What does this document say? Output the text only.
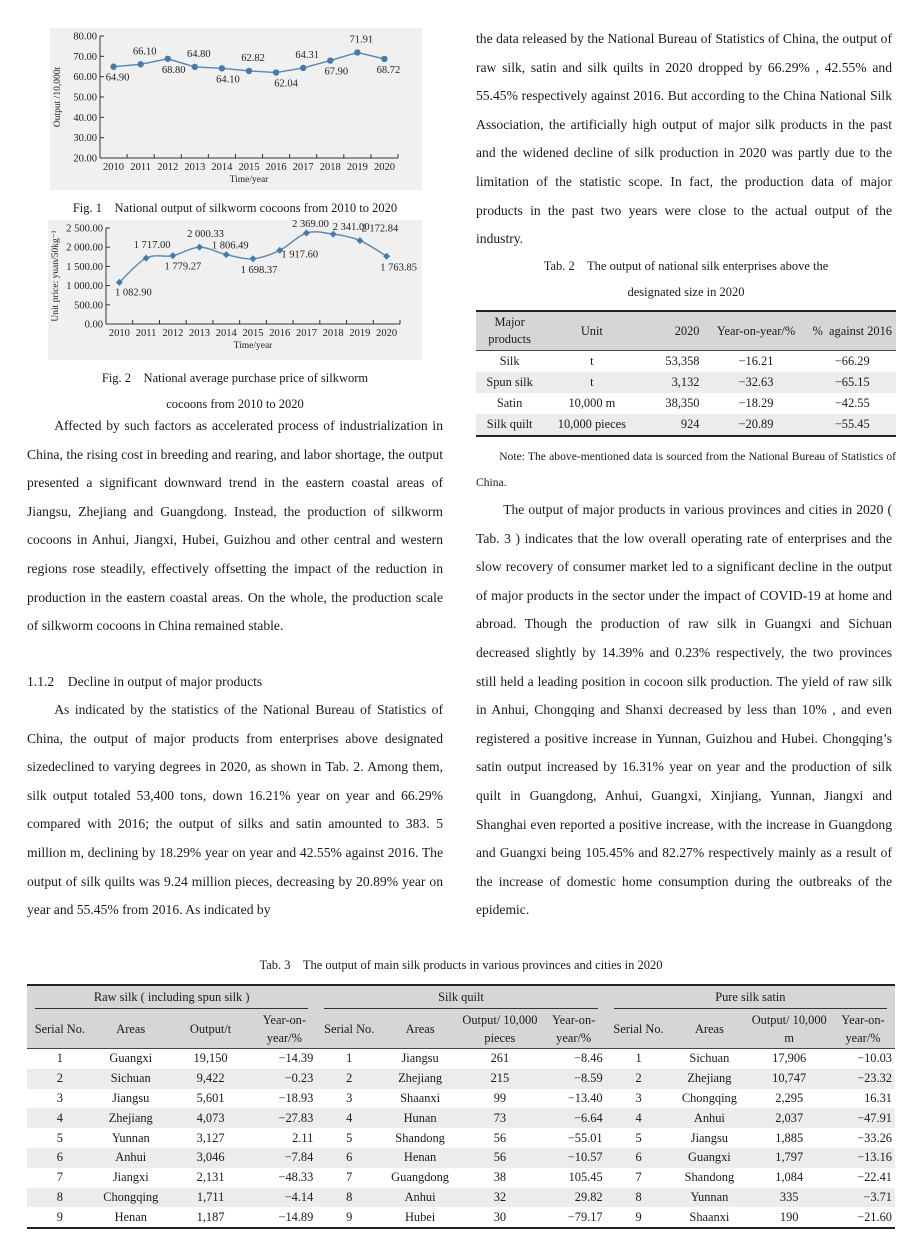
80.00
70.00
60.00
50.00
40.00
30.00
20.00
2010 2011 2012 2013 2014 2015 2016 2017 2018 2019 2020
Time/year
Output /10,000t	64.90
66.10
68.80
64.80
64.10
62.82
62.04
64.31
67.90
71.91
68.72
Fig. 1    National output of silkworm cocoons from 2010 to 2020
2 500.00
2 000.00
1 500.00
1 000.00
500.00
0.00
2010 2011 2012 2013 2014 2015 2016 2017 2018 2019 2020
Time/year
Unit price: yuan/50kg⁻¹	1 082.90
1 717.00
1 779.27
2 000.33
1 806.49
1 698.37
1 917.60
2 369.00 2 341.00
2 172.84
1 763.85
Fig. 2    National average purchase price of silkworm
cocoons from 2010 to 2020
Affected by such factors as accelerated process of industrialization in China, the rising cost in breeding and rearing, and labor shortage, the output presented a significant downward trend in the eastern coastal areas of Jiangsu, Zhejiang and Guangdong. Instead, the production of silkworm cocoons in Anhui, Jiangxi, Hubei, Guizhou and other central and western regions rose steadily, effectively offsetting the impact of the reduction in production in the eastern coastal areas. On the whole, the production scale of silkworm cocoons in China remained stable.
1.1.2    Decline in output of major products
As indicated by the statistics of the National Bureau of Statistics of China, the output of major products from enterprises above designated sizedeclined to varying degrees in 2020, as shown in Tab. 2. Among them, silk output totaled 53,400 tons, down 16.21% year on year and 66.29% compared with 2016; the output of silks and satin amounted to 383. 5 million m, declining by 18.29% year on year and 42.55% against 2016. The output of silk quilts was 9.24 million pieces, decreasing by 20.89% year on year and 55.45% from 2016. As indicated by
the data released by the National Bureau of Statistics of China, the output of raw silk, satin and silk quilts in 2020 dropped by 66.29% , 42.55% and 55.45% respectively against 2016. But according to the China National Silk Association, the artificially high output of major silk products in the past and the widened decline of silk production in 2020 was partly due to the limitation of the statistic scope. In fact, the production data of major products in the past two years were close to the actual output of the industry.
Tab. 2    The output of national silk enterprises above the
designated size in 2020
Major products	Unit	2020	Year-on-year/%	%  against 2016
Silk	t	53,358	−16.21	−66.29
Spun silk	t	3,132	−32.63	−65.15
Satin	10,000 m	38,350	−18.29	−42.55
Silk quilt	10,000 pieces	924	−20.89	−55.45
Note: The above-mentioned data is sourced from the National Bureau of Statistics of China.
The output of major products in various provinces and cities in 2020 ( Tab. 3 ) indicates that the low overall operating rate of enterprises and the slow recovery of consumer market led to a significant decline in the output of major products in the sector under the impact of COVID-19 at home and abroad. Though the production of raw silk in Guangxi and Sichuan decreased slightly by 14.39% and 0.23% respectively, the two provinces still held a leading position in cocoon silk production. The yield of raw silk in Anhui, Chongqing and Shanxi decreased by less than 10% , and even registered a positive increase in Yunnan, Guizhou and Hubei. Chongqing’s satin output increased by 16.31% year on year and the production of silk quilt in Guangdong, Anhui, Guangxi, Xinjiang, Yunnan, Jiangxi and Shanghai even reported a positive increase, with the increase in Guangdong and Guangxi being 105.45% and 82.27% respectively mainly as a result of the increase of domestic home consumption during the outbreaks of the epidemic.
Tab. 3    The output of main silk products in various provinces and cities in 2020
Raw silk ( including spun silk )				Silk quilt				Pure silk satin			

Serial No.	Areas	Output/t	Year-on-year/%	Serial No.	Areas	Output/ 10,000 pieces	Year-on-year/%	Serial No.	Areas	Output/ 10,000 m	Year-on-year/%
1	Guangxi	19,150	−14.39	1	Jiangsu	261	−8.46	1	Sichuan	17,906	−10.03
2	Sichuan	9,422	−0.23	2	Zhejiang	215	−8.59	2	Zhejiang	10,747	−23.32
3	Jiangsu	5,601	−18.93	3	Shaanxi	99	−13.40	3	Chongqing	2,295	16.31
4	Zhejiang	4,073	−27.83	4	Hunan	73	−6.64	4	Anhui	2,037	−47.91
5	Yunnan	3,127	2.11	5	Shandong	56	−55.01	5	Jiangsu	1,885	−33.26
6	Anhui	3,046	−7.84	6	Henan	56	−10.57	6	Guangxi	1,797	−13.16
7	Jiangxi	2,131	−48.33	7	Guangdong	38	105.45	7	Shandong	1,084	−22.41
8	Chongqing	1,711	−4.14	8	Anhui	32	29.82	8	Yunnan	335	−3.71
9	Henan	1,187	−14.89	9	Hubei	30	−79.17	9	Shaanxi	190	−21.60
